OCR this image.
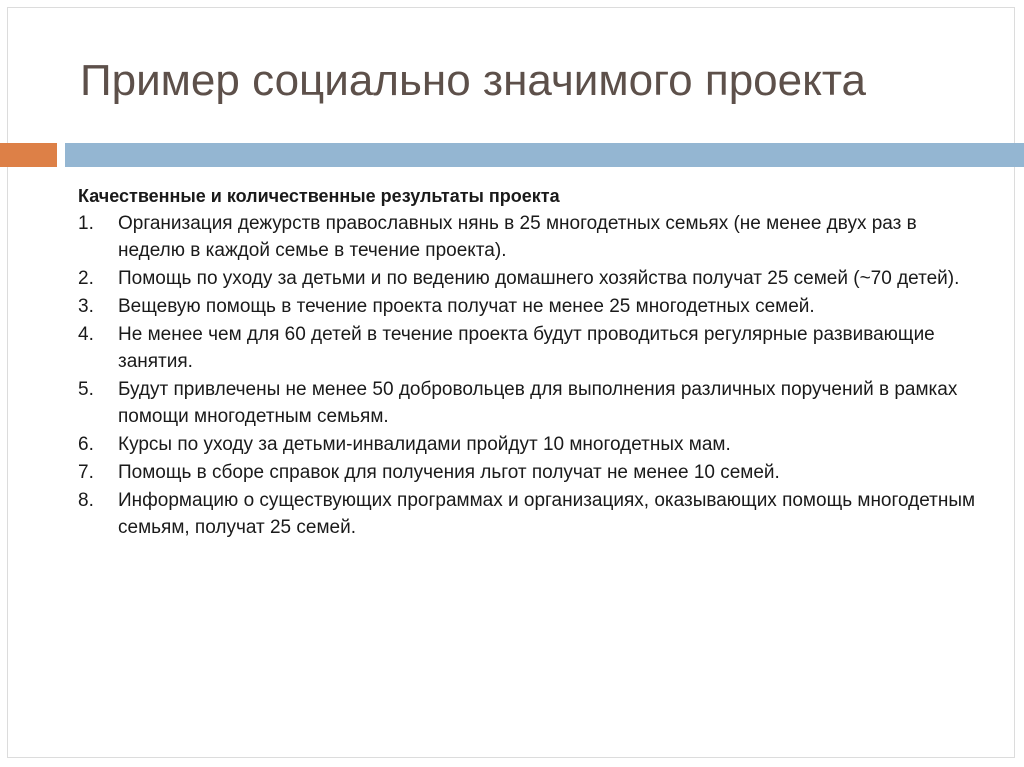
Пример социально значимого проекта

Качественные и количественные результаты проекта

1. Организация дежурств православных нянь в 25 многодетных семьях (не менее двух раз в неделю в каждой семье в течение проекта).
2. Помощь по уходу за детьми и по ведению домашнего хозяйства получат 25 семей (~70 детей).
3. Вещевую помощь в течение проекта получат не менее 25 многодетных семей.
4. Не менее чем для 60 детей в течение проекта будут проводиться регулярные развивающие занятия.
5. Будут привлечены не менее 50 добровольцев для выполнения различных поручений в рамках помощи многодетным семьям.
6. Курсы по уходу за детьми-инвалидами пройдут 10 многодетных мам.
7. Помощь в сборе справок для получения льгот получат не менее 10 семей.
8. Информацию о существующих программах и организациях, оказывающих помощь многодетным семьям, получат 25 семей.
